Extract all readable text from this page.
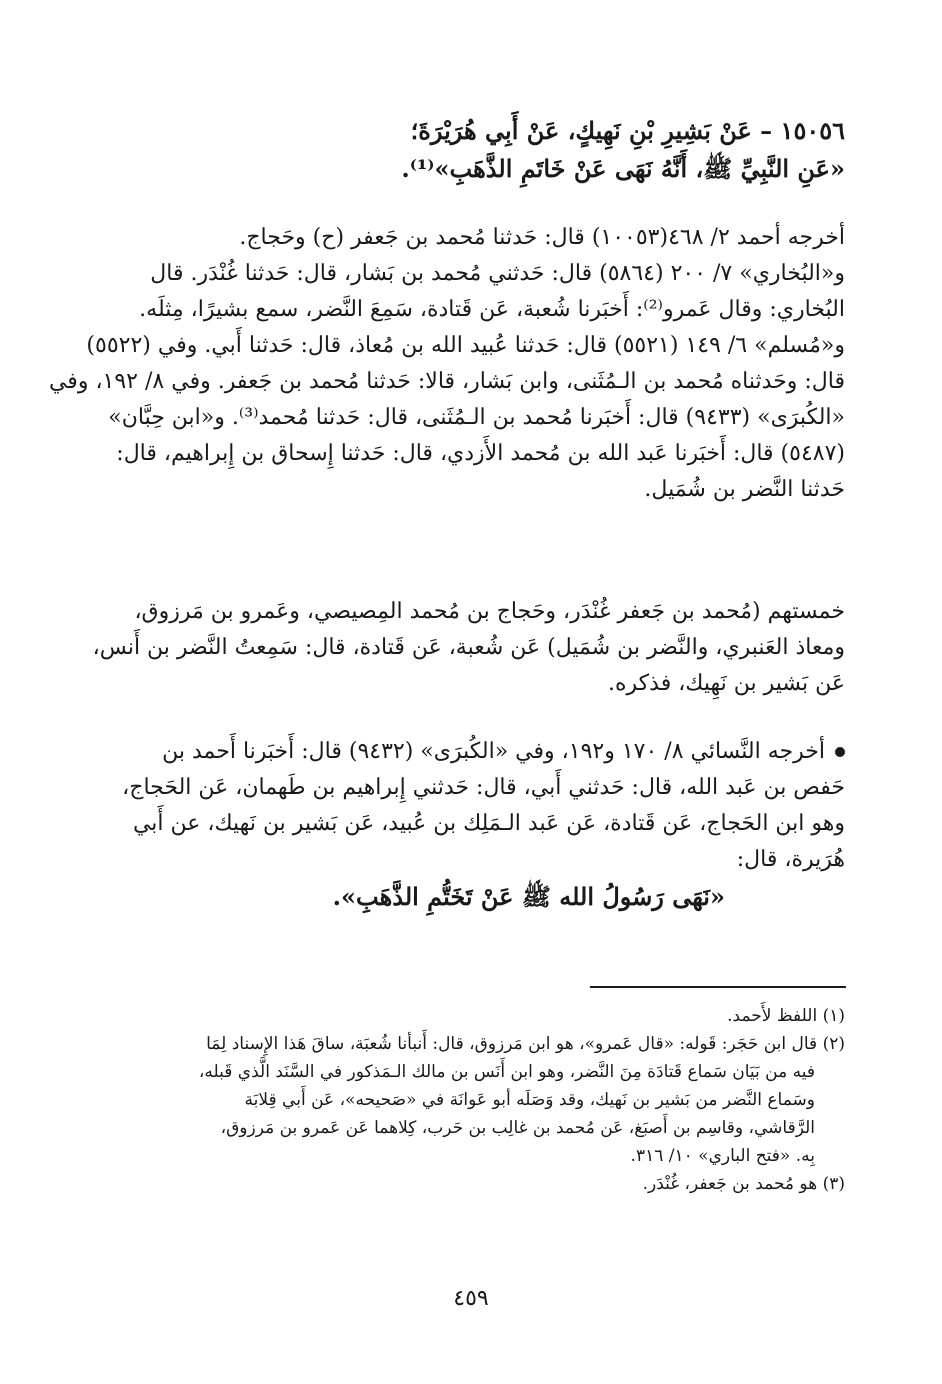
١٥٠٥٦ – عَنْ بَشِيرِ بْنِ نَهِيكٍ، عَنْ أَبِي هُرَيْرَةَ؛
«عَنِ النَّبِيِّ ﷺ، أَنَّهُ نَهَى عَنْ خَاتَمِ الذَّهَبِ»⁽¹⁾.
أخرجه أحمد ٢/ ٤٦٨(١٠٠٥٣) قال: حَدثنا مُحمد بن جَعفر (ح) وحَجاج.
و«البُخاري» ٧/ ٢٠٠ (٥٨٦٤) قال: حَدثني مُحمد بن بَشار، قال: حَدثنا غُنْدَر. قال
البُخاري: وقال عَمرو⁽²⁾: أَخبَرنا شُعبة، عَن قَتادة، سَمِعَ النَّضر، سمع بشيرًا، مِثلَه.
و«مُسلم» ٦/ ١٤٩ (٥٥٢١) قال: حَدثنا عُبيد الله بن مُعاذ، قال: حَدثنا أَبي. وفي (٥٥٢٢)
قال: وحَدثناه مُحمد بن الـمُثَنى، وابن بَشار، قالا: حَدثنا مُحمد بن جَعفر. وفي ٨/ ١٩٢، وفي
«الكُبرَى» (٩٤٣٣) قال: أَخبَرنا مُحمد بن الـمُثَنى، قال: حَدثنا مُحمد⁽³⁾. و«ابن حِبَّان»
(٥٤٨٧) قال: أَخبَرنا عَبد الله بن مُحمد الأَزدي، قال: حَدثنا إِسحاق بن إِبراهيم، قال:
حَدثنا النَّضر بن شُمَيل.
خمستهم (مُحمد بن جَعفر غُنْدَر، وحَجاج بن مُحمد المِصيصي، وعَمرو بن مَرزوق،
ومعاذ العَنبري، والنَّضر بن شُمَيل) عَن شُعبة، عَن قَتادة، قال: سَمِعتُ النَّضر بن أَنس،
عَن بَشير بن نَهِيك، فذكره.
أخرجه النَّسائي ٨/ ١٧٠ و١٩٢، وفي «الكُبرَى» (٩٤٣٢) قال: أَخبَرنا أَحمد بن
حَفص بن عَبد الله، قال: حَدثني أَبي، قال: حَدثني إِبراهيم بن طَهمان، عَن الحَجاج،
وهو ابن الحَجاج، عَن قَتادة، عَن عَبد الـمَلِك بن عُبيد، عَن بَشير بن نَهيك، عن أَبي
هُرَيرة، قال:
«نَهَى رَسُولُ الله ﷺ عَنْ تَخَتُّمِ الذَّهَبِ».
(١) اللفظ لأَحمد.
(٢) قال ابن حَجَر: قَوله: «قال عَمرو»، هو ابن مَرزوق، قال: أَنبأنا شُعبَة، ساقَ هَذا الإِسناد لِمَا
فيه من بَيَان سَماع قَتادَة مِنَ النَّضر، وهو ابن أَنَس بن مالك الـمَذكور في السَّنَد الَّذي قَبله،
وسَماع النَّضر من بَشير بن نَهيك، وقد وَصَلَه أبو عَوانَة في «صَحيحه»، عَن أَبي قِلابَة
الرَّقاشي، وقاسِم بن أَصبَغ، عَن مُحمد بن غالِب بن حَرب، كِلاهما عَن عَمرو بن مَرزوق،
بِه. «فتح الباري» ١٠/ ٣١٦.
(٣) هو مُحمد بن جَعفر، غُنْدَر.
٤٥٩
